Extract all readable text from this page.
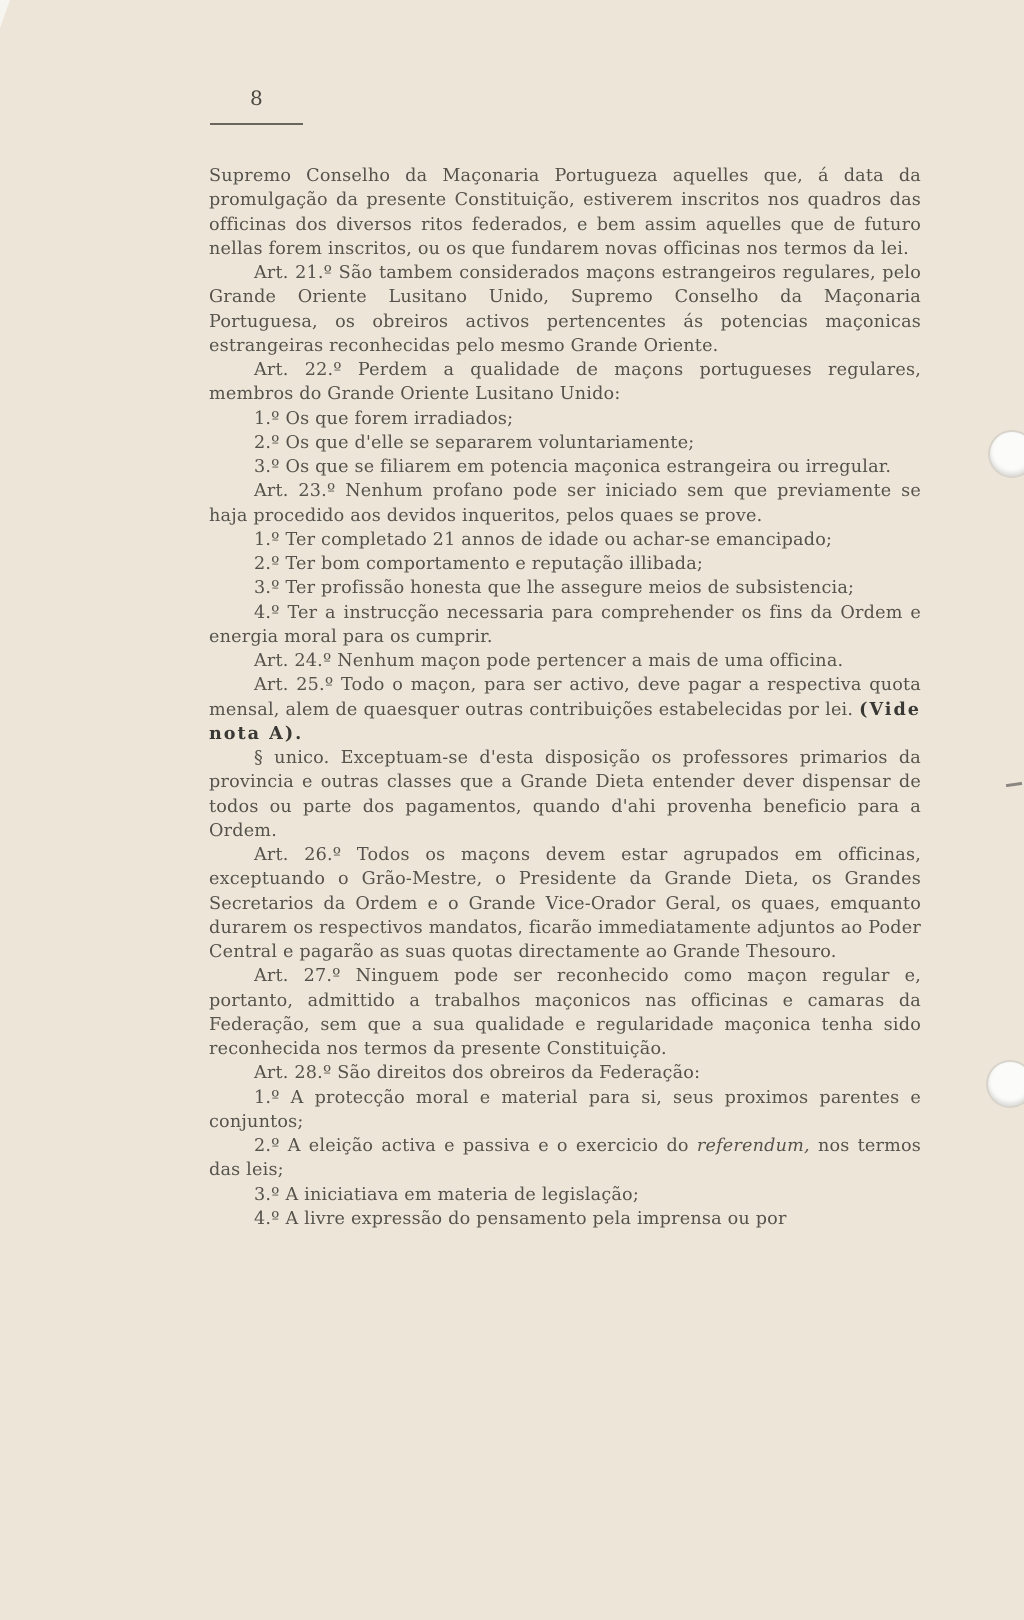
8

Supremo Conselho da Maçonaria Portugueza aquelles que, á data da promulgação da presente Constituição, estiverem inscritos nos quadros das officinas dos diversos ritos federados, e bem assim aquelles que de futuro nellas forem inscritos, ou os que fundarem novas officinas nos termos da lei.

Art. 21.º São tambem considerados maçons estrangeiros regulares, pelo Grande Oriente Lusitano Unido, Supremo Conselho da Maçonaria Portuguesa, os obreiros activos pertencentes ás potencias maçonicas estrangeiras reconhecidas pelo mesmo Grande Oriente.

Art. 22.º Perdem a qualidade de maçons portugueses regulares, membros do Grande Oriente Lusitano Unido:

1.º Os que forem irradiados;

2.º Os que d'elle se separarem voluntariamente;

3.º Os que se filiarem em potencia maçonica estrangeira ou irregular.

Art. 23.º Nenhum profano pode ser iniciado sem que previamente se haja procedido aos devidos inqueritos, pelos quaes se prove.

1.º Ter completado 21 annos de idade ou achar-se emancipado;

2.º Ter bom comportamento e reputação illibada;

3.º Ter profissão honesta que lhe assegure meios de subsistencia;

4.º Ter a instrucção necessaria para comprehender os fins da Ordem e energia moral para os cumprir.

Art. 24.º Nenhum maçon pode pertencer a mais de uma officina.

Art. 25.º Todo o maçon, para ser activo, deve pagar a respectiva quota mensal, alem de quaesquer outras contribuições estabelecidas por lei. (Vide nota A).

§ unico. Exceptuam-se d'esta disposição os professores primarios da provincia e outras classes que a Grande Dieta entender dever dispensar de todos ou parte dos pagamentos, quando d'ahi provenha beneficio para a Ordem.

Art. 26.º Todos os maçons devem estar agrupados em officinas, exceptuando o Grão-Mestre, o Presidente da Grande Dieta, os Grandes Secretarios da Ordem e o Grande Vice-Orador Geral, os quaes, emquanto durarem os respectivos mandatos, ficarão immediatamente adjuntos ao Poder Central e pagarão as suas quotas directamente ao Grande Thesouro.

Art. 27.º Ninguem pode ser reconhecido como maçon regular e, portanto, admittido a trabalhos maçonicos nas officinas e camaras da Federação, sem que a sua qualidade e regularidade maçonica tenha sido reconhecida nos termos da presente Constituição.

Art. 28.º São direitos dos obreiros da Federação:

1.º A protecção moral e material para si, seus proximos parentes e conjuntos;

2.º A eleição activa e passiva e o exercicio do referendum, nos termos das leis;

3.º A iniciatiava em materia de legislação;

4.º A livre expressão do pensamento pela imprensa ou por
